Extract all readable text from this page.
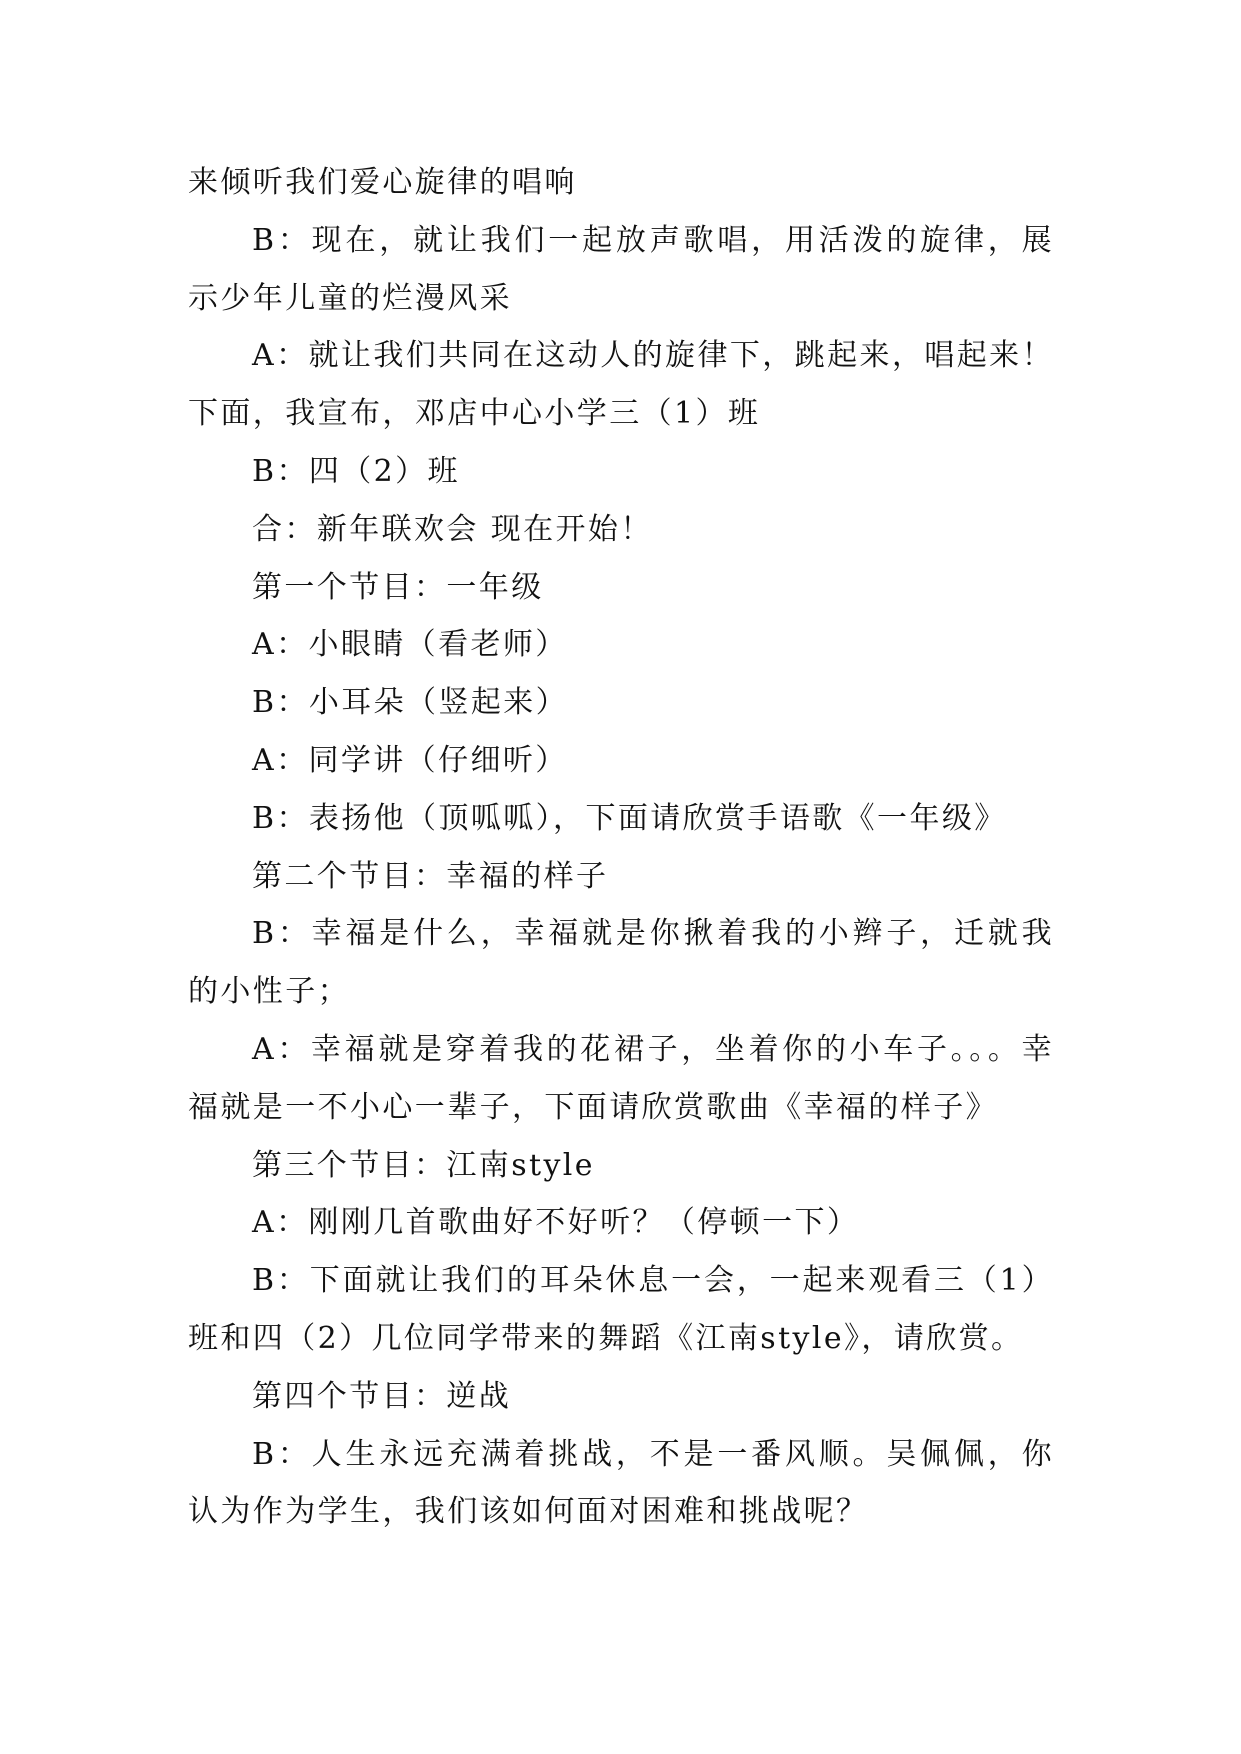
来倾听我们爱心旋律的唱响
B：现在，就让我们一起放声歌唱，用活泼的旋律，展
示少年儿童的烂漫风采
A：就让我们共同在这动人的旋律下，跳起来，唱起来！
下面，我宣布，邓店中心小学三（1）班
B：四（2）班
合：新年联欢会 现在开始！
第一个节目：一年级
A：小眼睛（看老师）
B：小耳朵（竖起来）
A：同学讲（仔细听）
B：表扬他（顶呱呱），下面请欣赏手语歌《一年级》
第二个节目：幸福的样子
B：幸福是什么，幸福就是你揪着我的小辫子，迁就我
的小性子；
A：幸福就是穿着我的花裙子，坐着你的小车子。。。幸
福就是一不小心一辈子，下面请欣赏歌曲《幸福的样子》
第三个节目：江南style
A：刚刚几首歌曲好不好听？（停顿一下）
B：下面就让我们的耳朵休息一会，一起来观看三（1）
班和四（2）几位同学带来的舞蹈《江南style》，请欣赏。
第四个节目：逆战
B：人生永远充满着挑战，不是一番风顺。吴佩佩，你
认为作为学生，我们该如何面对困难和挑战呢？
